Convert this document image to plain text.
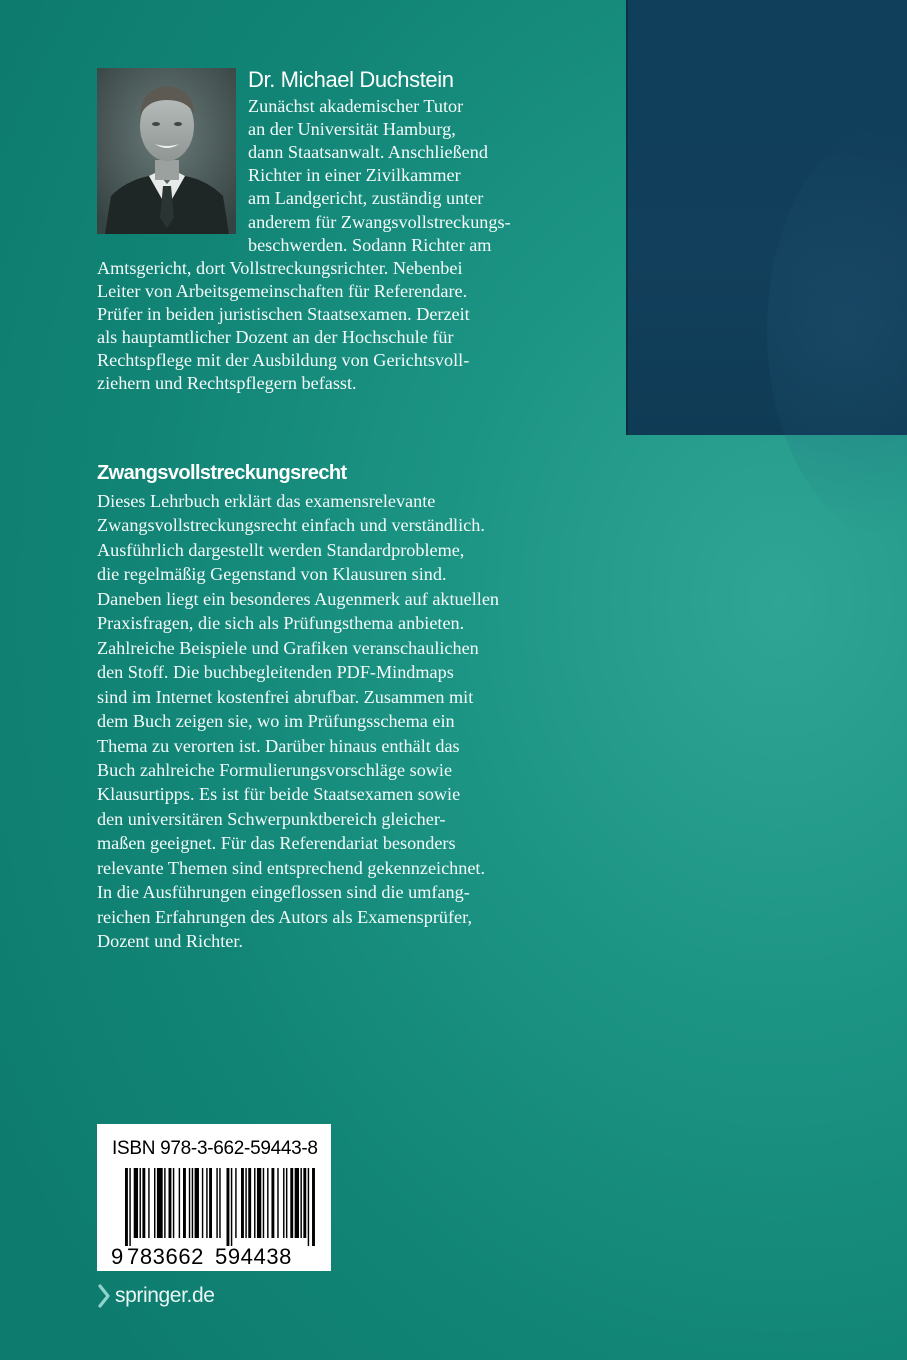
Dr. Michael Duchstein
Zunächst akademischer Tutor
an der Universität Hamburg,
dann Staatsanwalt. Anschließend
Richter in einer Zivilkammer
am Landgericht, zuständig unter
anderem für Zwangsvollstreckungs-
beschwerden. Sodann Richter am
Amtsgericht, dort Vollstreckungsrichter. Nebenbei
Leiter von Arbeitsgemeinschaften für Referendare.
Prüfer in beiden juristischen Staatsexamen. Derzeit
als hauptamtlicher Dozent an der Hochschule für
Rechtspflege mit der Ausbildung von Gerichtsvoll-
ziehern und Rechtspflegern befasst.
Zwangsvollstreckungsrecht
Dieses Lehrbuch erklärt das examensrelevante
Zwangsvollstreckungsrecht einfach und verständlich.
Ausführlich dargestellt werden Standardprobleme,
die regelmäßig Gegenstand von Klausuren sind.
Daneben liegt ein besonderes Augenmerk auf aktuellen
Praxisfragen, die sich als Prüfungsthema anbieten.
Zahlreiche Beispiele und Grafiken veranschaulichen
den Stoff. Die buchbegleitenden PDF-Mindmaps
sind im Internet kostenfrei abrufbar. Zusammen mit
dem Buch zeigen sie, wo im Prüfungsschema ein
Thema zu verorten ist. Darüber hinaus enthält das
Buch zahlreiche Formulierungsvorschläge sowie
Klausurtipps. Es ist für beide Staatsexamen sowie
den universitären Schwerpunktbereich gleicher-
maßen geeignet. Für das Referendariat besonders
relevante Themen sind entsprechend gekennzeichnet.
In die Ausführungen eingeflossen sind die umfang-
reichen Erfahrungen des Autors als Examensprüfer,
Dozent und Richter.
ISBN 978-3-662-59443-8
9 783662 594438
springer.de
